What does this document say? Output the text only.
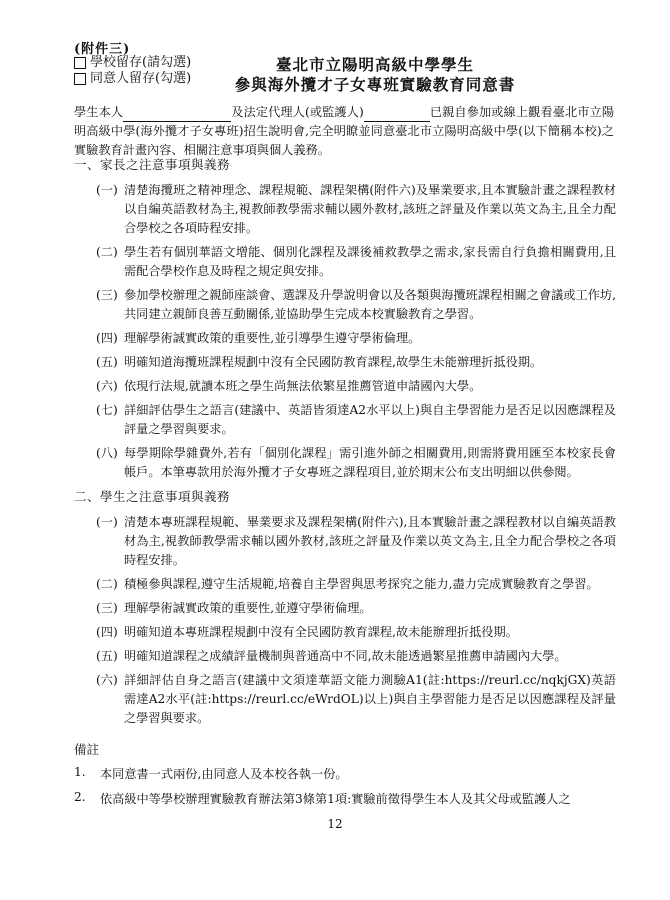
(附件三)
學校留存(請勾選)
同意人留存(勾選)
臺北市立陽明高級中學學生
參與海外攬才子女專班實驗教育同意書
學生本人	及法定代理人(或監護人)	已親自參加或線上觀看臺北市立陽明高級中學(海外攬才子女專班)招生說明會,完全明瞭並同意臺北市立陽明高級中學(以下簡稱本校)之實驗教育計畫內容、相關注意事項與個人義務。
一、家長之注意事項與義務
(一) 清楚海攬班之精神理念、課程規範、課程架構(附件六)及畢業要求,且本實驗計畫之課程教材以自編英語教材為主,視教師教學需求輔以國外教材,該班之評量及作業以英文為主,且全力配合學校之各項時程安排。
(二) 學生若有個別華語文增能、個別化課程及課後補救教學之需求,家長需自行負擔相關費用,且需配合學校作息及時程之規定與安排。
(三) 參加學校辦理之親師座談會、選課及升學說明會以及各類與海攬班課程相關之會議或工作坊,共同建立親師良善互動關係,並協助學生完成本校實驗教育之學習。
(四) 理解學術誠實政策的重要性,並引導學生遵守學術倫理。
(五) 明確知道海攬班課程規劃中沒有全民國防教育課程,故學生未能辦理折抵役期。
(六) 依現行法規,就讀本班之學生尚無法依繁星推薦管道申請國內大學。
(七) 詳細評估學生之語言(建議中、英語皆須達A2水平以上)與自主學習能力是否足以因應課程及評量之學習與要求。
(八) 每學期除學雜費外,若有「個別化課程」需引進外師之相關費用,則需將費用匯至本校家長會帳戶。本筆專款用於海外攬才子女專班之課程項目,並於期末公布支出明細以供參閱。
二、學生之注意事項與義務
(一) 清楚本專班課程規範、畢業要求及課程架構(附件六),且本實驗計畫之課程教材以自編英語教材為主,視教師教學需求輔以國外教材,該班之評量及作業以英文為主,且全力配合學校之各項時程安排。
(二) 積極參與課程,遵守生活規範,培養自主學習與思考探究之能力,盡力完成實驗教育之學習。
(三) 理解學術誠實政策的重要性,並遵守學術倫理。
(四) 明確知道本專班課程規劃中沒有全民國防教育課程,故未能辦理折抵役期。
(五) 明確知道課程之成績評量機制與普通高中不同,故未能透過繁星推薦申請國內大學。
(六) 詳細評估自身之語言(建議中文須達華語文能力測驗A1(註:https://reurl.cc/nqkjGX)英語需達A2水平(註:https://reurl.cc/eWrdOL)以上)與自主學習能力是否足以因應課程及評量之學習與要求。
備註
1.	本同意書一式兩份,由同意人及本校各執一份。
2.	依高級中等學校辦理實驗教育辦法第3條第1項:實驗前徵得學生本人及其父母或監護人之
12
